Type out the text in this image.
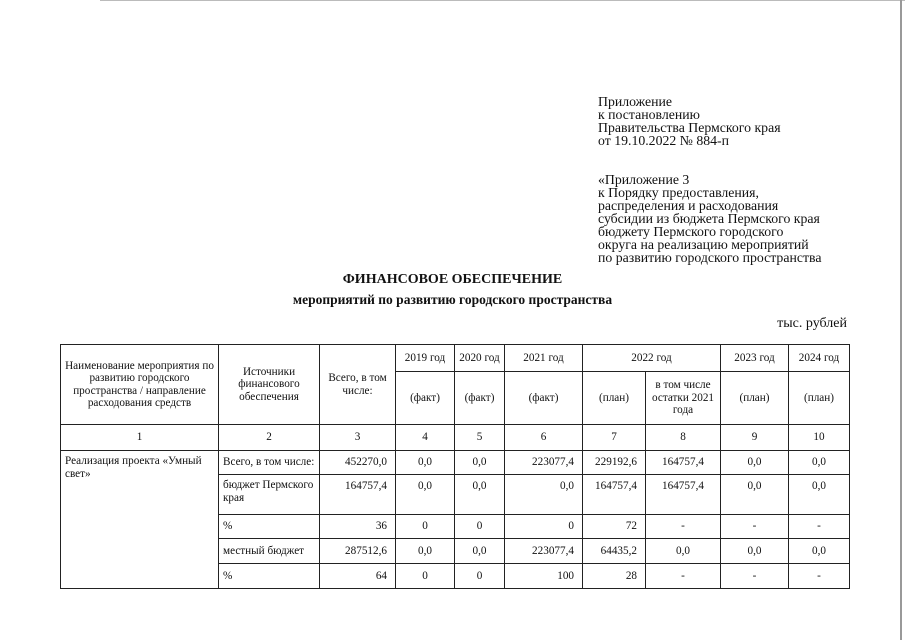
Приложение
к постановлению
Правительства Пермского края
от 19.10.2022 № 884-п
«Приложение 3
к Порядку предоставления,
распределения и расходования
субсидии из бюджета Пермского края
бюджету Пермского городского
округа на реализацию мероприятий
по развитию городского пространства
ФИНАНСОВОЕ ОБЕСПЕЧЕНИЕ
мероприятий по развитию городского пространства
тыс. рублей
Наименование мероприятия по развитию городского пространства / направление расходования средств	Источники финансового обеспечения	Всего, в том числе:	2019 год	2020 год	2021 год	2022 год		2023 год	2024 год
			(факт)	(факт)	(факт)	(план)	в том числе остатки 2021 года	(план)	(план)
1	2	3	4	5	6	7	8	9	10
Реализация проекта «Умный свет»	Всего, в том числе:	452270,0	0,0	0,0	223077,4	229192,6	164757,4	0,0	0,0
	бюджет Пермского края	164757,4	0,0	0,0	0,0	164757,4	164757,4	0,0	0,0
	%	36	0	0	0	72	-	-	-
	местный бюджет	287512,6	0,0	0,0	223077,4	64435,2	0,0	0,0	0,0
	%	64	0	0	100	28	-	-	-
